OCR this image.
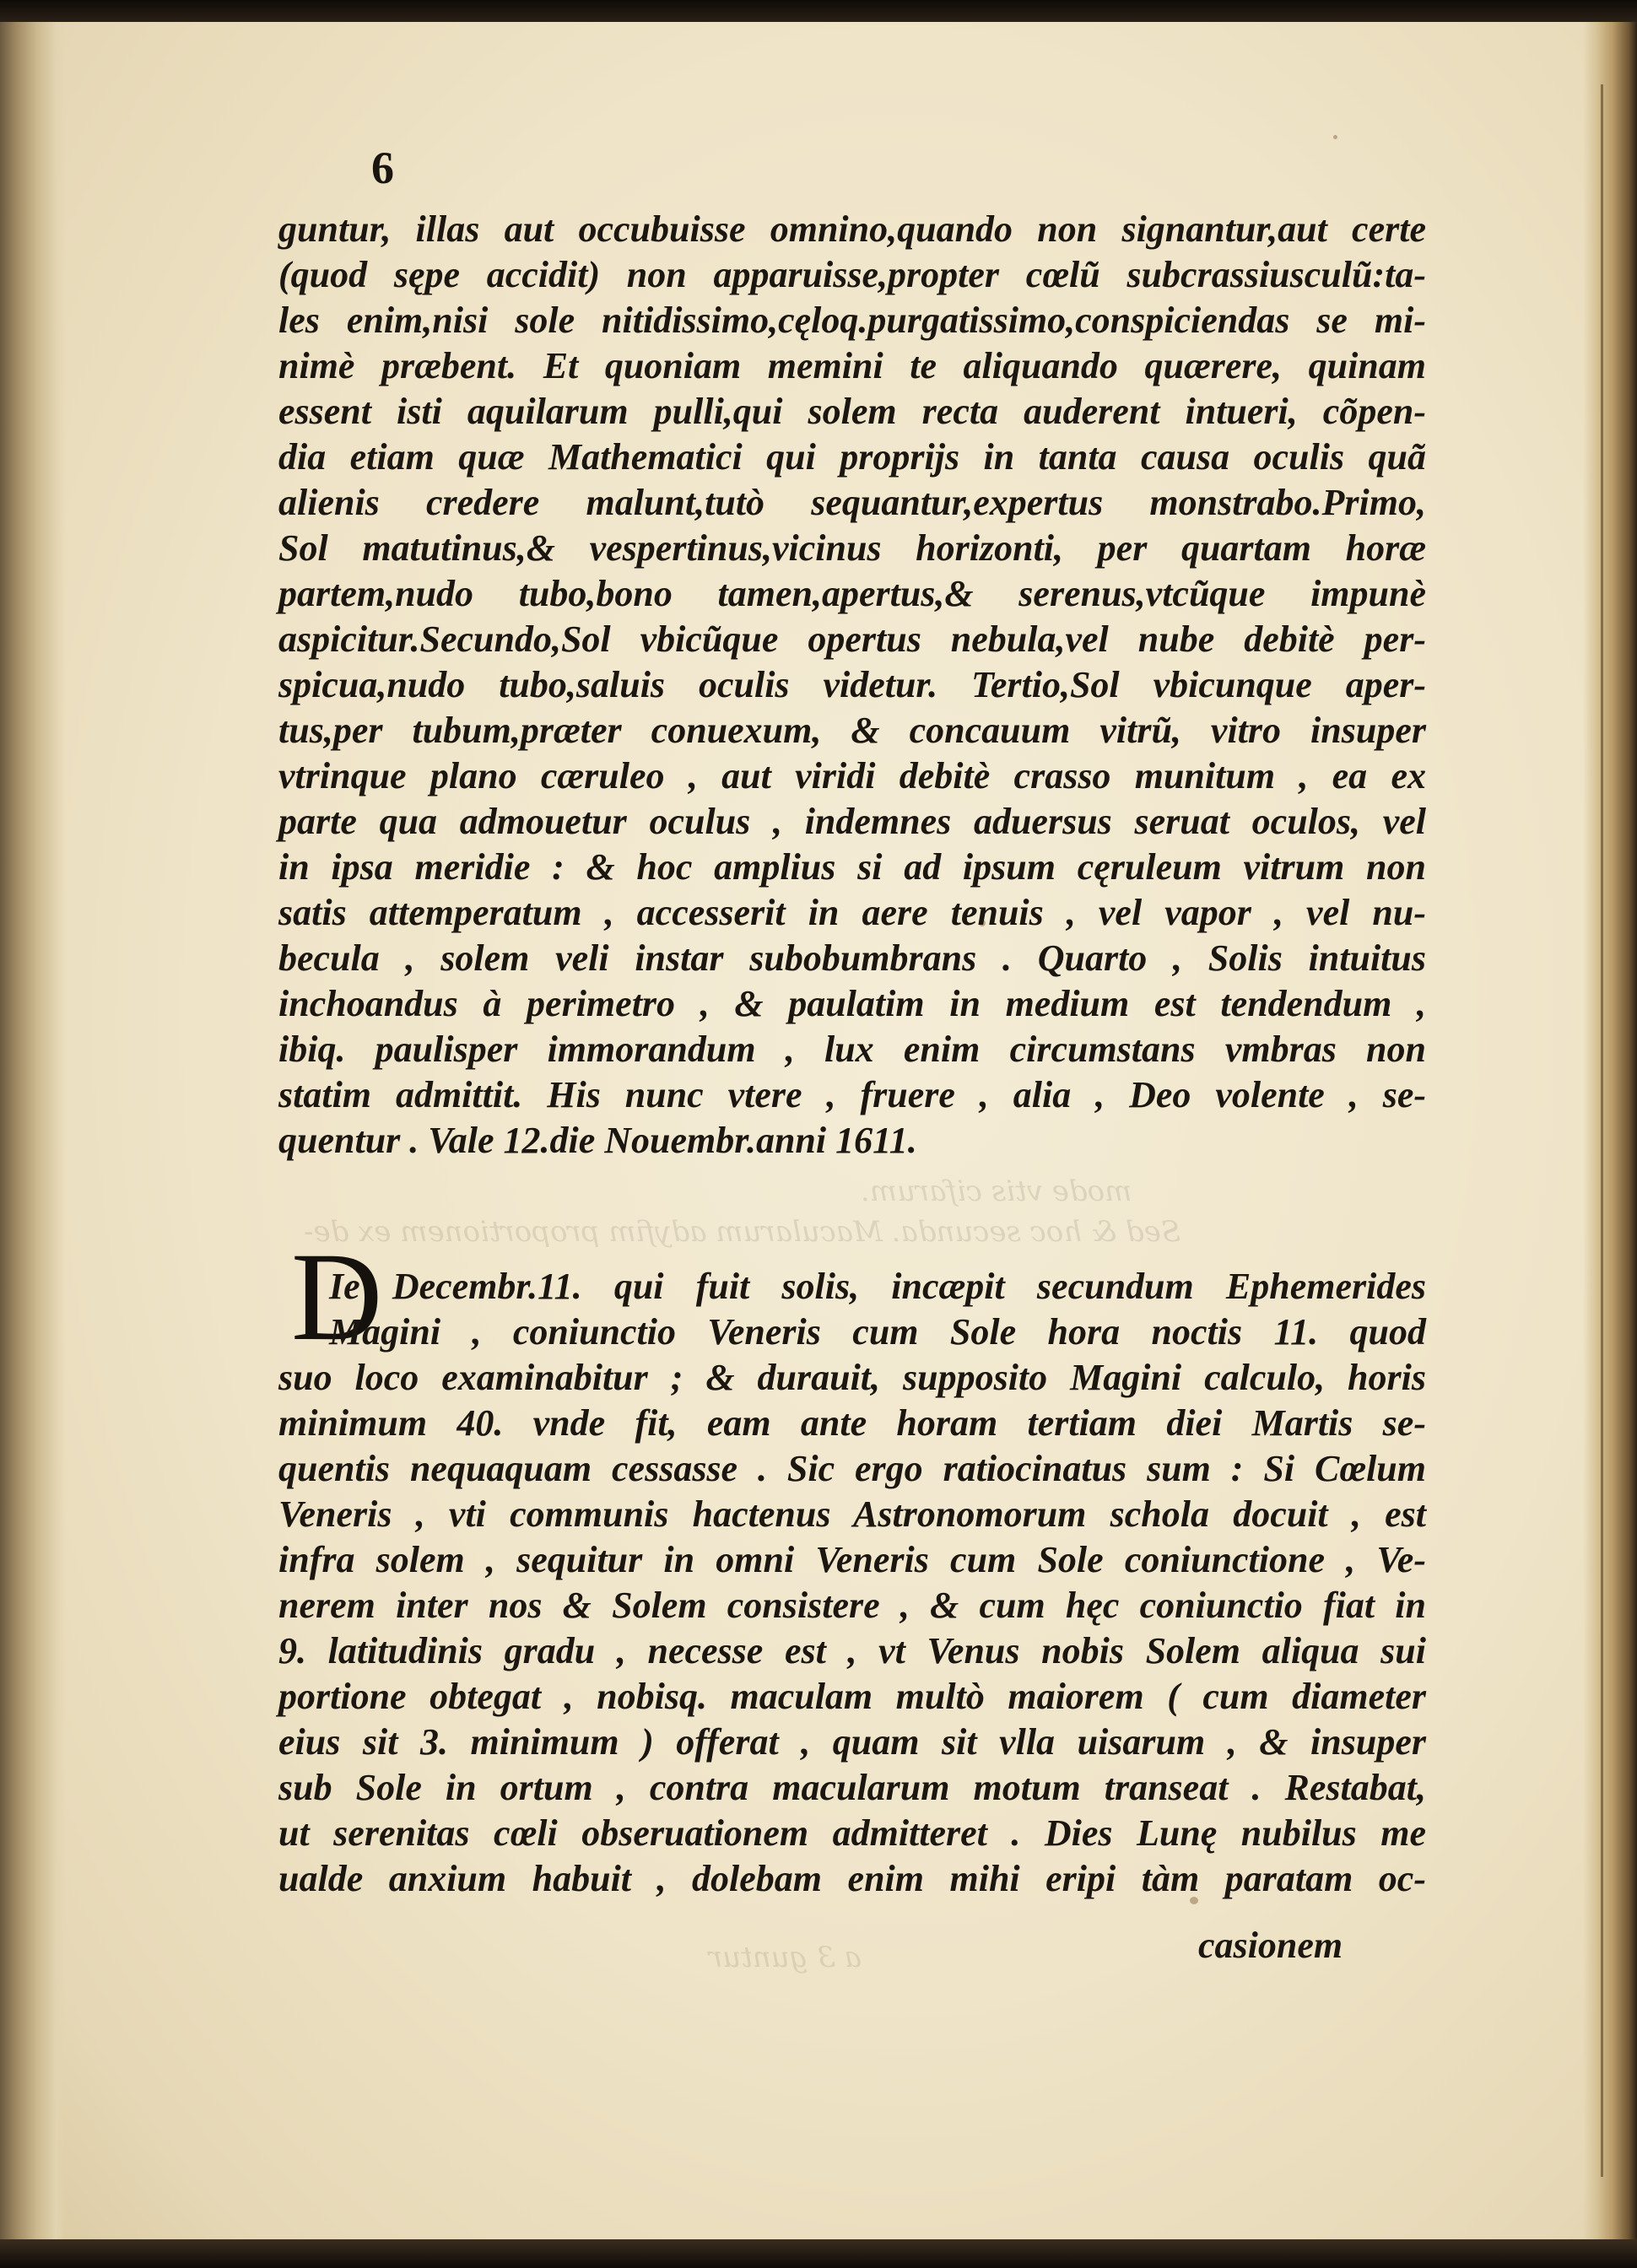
mode vtis cifarum.
Sed & hoc secunda. Macularum adyfim proportionem ex de-
a 3 guntur
6
guntur, illas aut occubuisse omnino,quando non signantur,aut certe
(quod sępe accidit) non apparuisse,propter cœlũ subcrassiusculũ:ta-
les enim,nisi sole nitidissimo,cęloq.purgatissimo,conspiciendas se mi-
nimè præbent. Et quoniam memini te aliquando quærere, quinam
essent isti aquilarum pulli,qui solem recta auderent intueri, cõpen-
dia etiam quæ Mathematici qui proprijs in tanta causa oculis quã
alienis credere malunt,tutò sequantur,expertus monstrabo.Primo,
Sol matutinus,& vespertinus,vicinus horizonti, per quartam horæ
partem,nudo tubo,bono tamen,apertus,& serenus,vtcũque impunè
aspicitur.Secundo,Sol vbicũque opertus nebula,vel nube debitè per-
spicua,nudo tubo,saluis oculis videtur. Tertio,Sol vbicunque aper-
tus,per tubum,præter conuexum, & concauum vitrũ, vitro insuper
vtrinque plano cæruleo , aut viridi debitè crasso munitum , ea ex
parte qua admouetur oculus , indemnes aduersus seruat oculos, vel
in ipsa meridie : & hoc amplius si ad ipsum cęruleum vitrum non
satis attemperatum , accesserit in aere tenuis , vel vapor , vel nu-
becula , solem veli instar subobumbrans . Quarto , Solis intuitus
inchoandus à perimetro , & paulatim in medium est tendendum ,
ibiq. paulisper immorandum , lux enim circumstans vmbras non
statim admittit. His nunc vtere , fruere , alia , Deo volente , se-
quentur . Vale 12.die Nouembr.anni 1611.
D
Ie Decembr.11. qui fuit solis, incæpit secundum Ephemerides
Magini , coniunctio Veneris cum Sole hora noctis 11. quod
suo loco examinabitur ; & durauit, supposito Magini calculo, horis
minimum 40. vnde fit, eam ante horam tertiam diei Martis se-
quentis nequaquam cessasse . Sic ergo ratiocinatus sum : Si Cœlum
Veneris , vti communis hactenus Astronomorum schola docuit , est
infra solem , sequitur in omni Veneris cum Sole coniunctione , Ve-
nerem inter nos & Solem consistere , & cum hęc coniunctio fiat in
9. latitudinis gradu , necesse est , vt Venus nobis Solem aliqua sui
portione obtegat , nobisq. maculam multò maiorem ( cum diameter
eius sit 3. minimum ) offerat , quam sit vlla uisarum , & insuper
sub Sole in ortum , contra macularum motum transeat . Restabat,
ut serenitas cœli obseruationem admitteret . Dies Lunę nubilus me
ualde anxium habuit , dolebam enim mihi eripi tàm paratam oc-
casionem
